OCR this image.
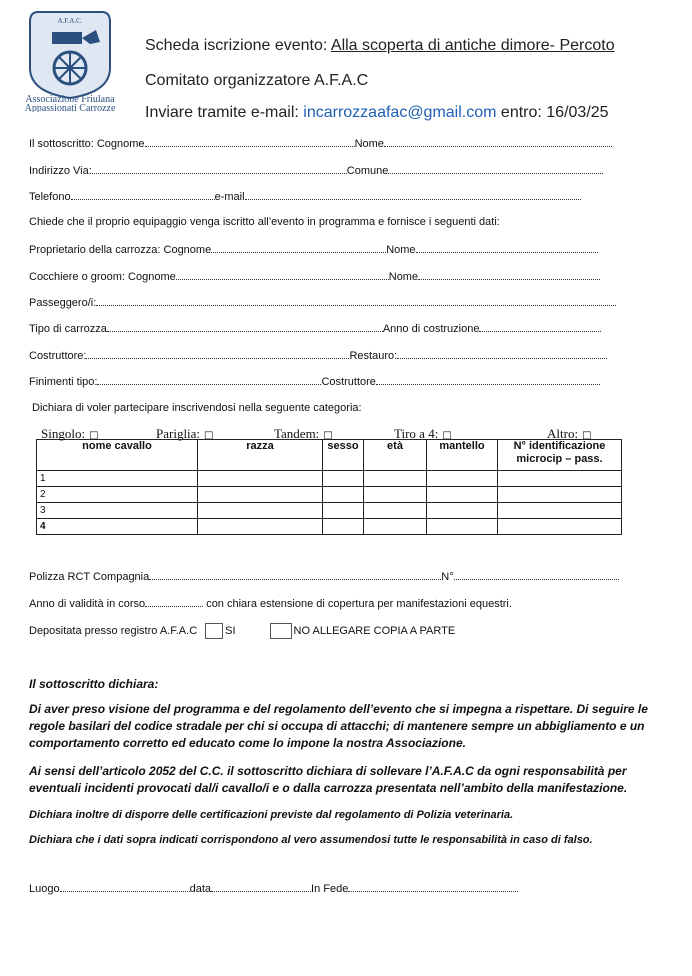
A.F.A.C.
Associazione Friulana
Appassionati Carrozze
Scheda iscrizione evento: Alla scoperta di antiche dimore- Percoto
Comitato organizzatore A.F.A.C
Inviare tramite e-mail: incarrozzaafac@gmail.com entro: 16/03/25
Il sottoscritto: Cognome	Nome
Indirizzo Via:	Comune
Telefono	e-mail
Chiede che il proprio equipaggio venga iscritto all’evento in programma e fornisce i seguenti dati:
Proprietario della carrozza: Cognome	Nome
Cocchiere o groom: Cognome	Nome
Passeggero/i:
Tipo di carrozza	Anno di costruzione
Costruttore:	Restauro:
Finimenti tipo:	Costruttore
Dichiara di voler partecipare inscrivendosi nella seguente categoria:
Singolo: □	Pariglia: □	Tandem: □	Tiro a 4: □	Altro: □
nome cavallo	razza	sesso	età	mantello	N° identificazione microcip – pass.
1					
2					
3					
4					
Polizza RCT Compagnia	N°
Anno di validità in corso	con chiara estensione di copertura per manifestazioni equestri.
Depositata presso registro A.F.A.C	SI	NO ALLEGARE COPIA A PARTE
Il sottoscritto dichiara:
Di aver preso visione del programma e del regolamento dell’evento che si impegna a rispettare. Di seguire le regole basilari del codice stradale per chi si occupa di attacchi; di mantenere sempre un abbigliamento e un comportamento corretto ed educato come lo impone la nostra Associazione.
Ai sensi dell’articolo 2052 del C.C. il sottoscritto dichiara di sollevare l’A.F.A.C da ogni responsabilità per eventuali incidenti provocati dal/i cavallo/i e o dalla carrozza presentata nell’ambito della manifestazione.
Dichiara inoltre di disporre delle certificazioni previste dal regolamento di Polizia veterinaria.
Dichiara che i dati sopra indicati corrispondono al vero assumendosi tutte le responsabilità in caso di falso.
Luogo	data	In Fede
